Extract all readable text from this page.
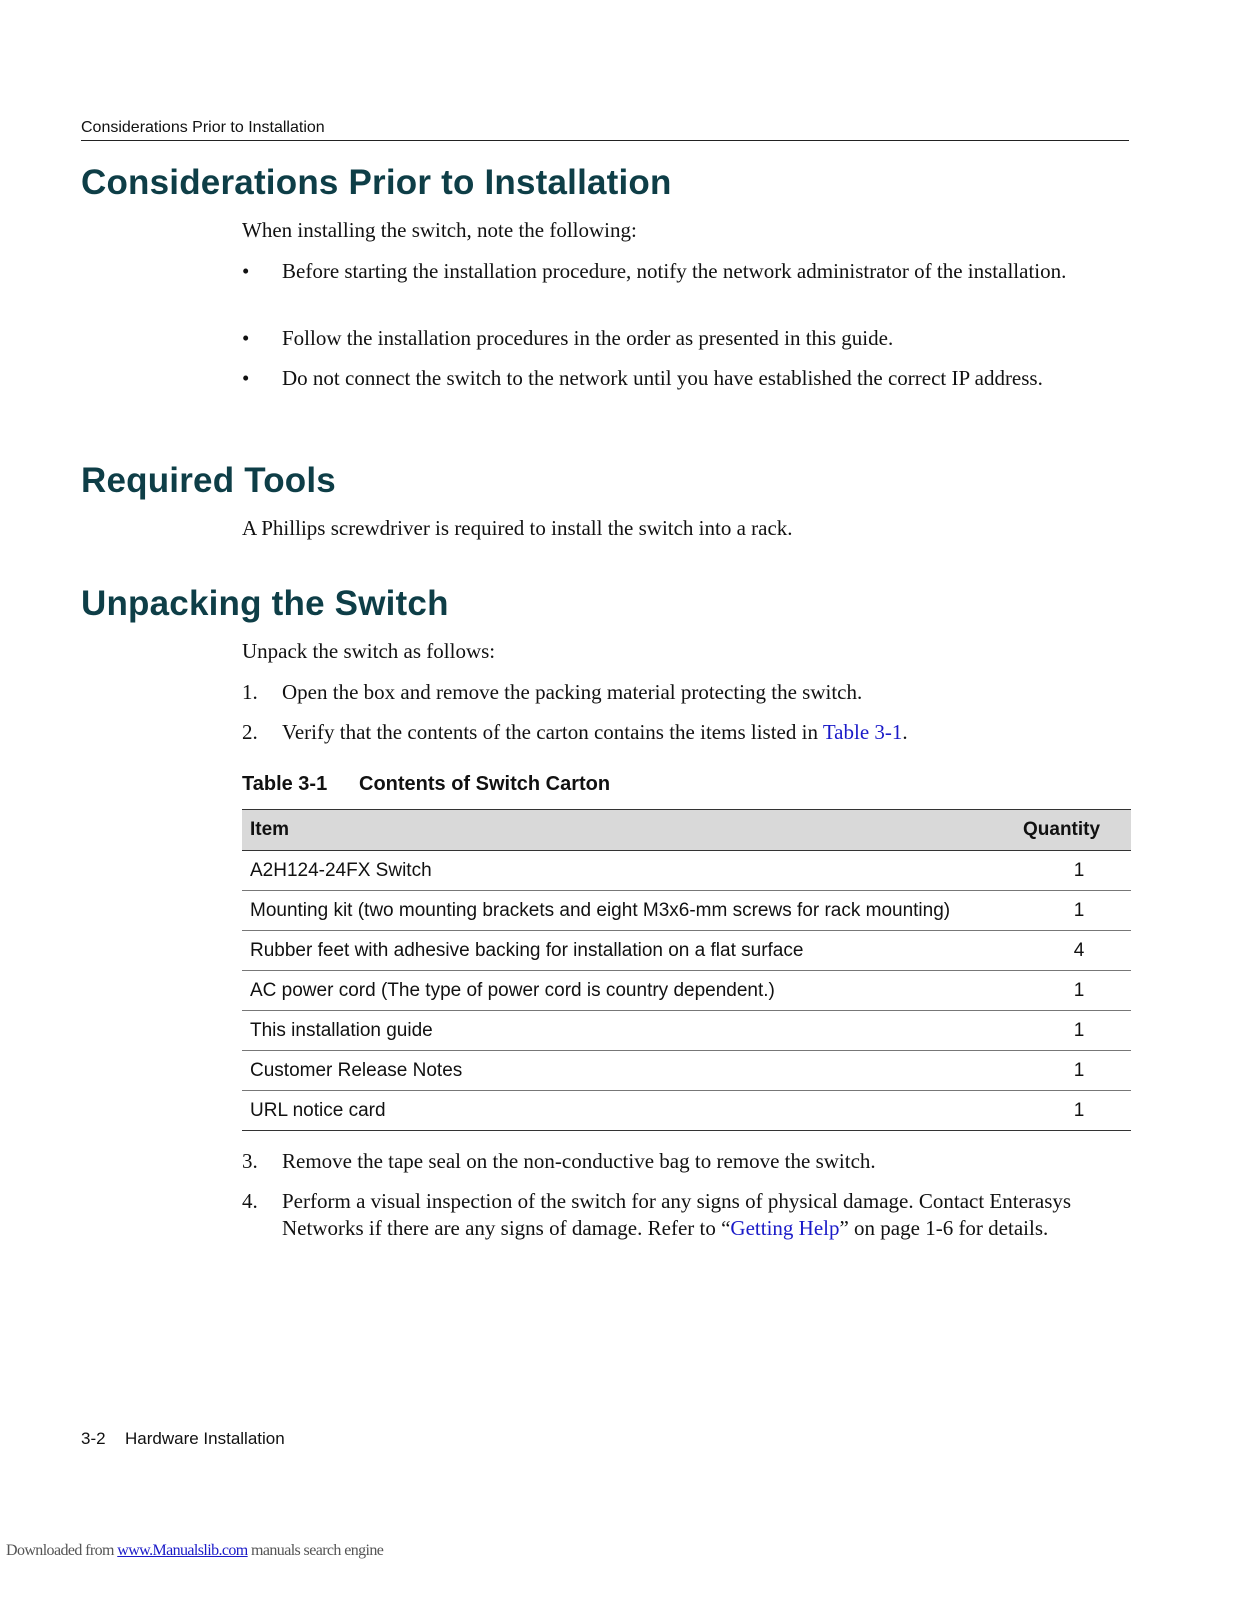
Considerations Prior to Installation
Considerations Prior to Installation
When installing the switch, note the following:
•	Before starting the installation procedure, notify the network administrator of the installation.
•	Follow the installation procedures in the order as presented in this guide.
•	Do not connect the switch to the network until you have established the correct IP address.
Required Tools
A Phillips screwdriver is required to install the switch into a rack.
Unpacking the Switch
Unpack the switch as follows:
1.	Open the box and remove the packing material protecting the switch.
2.	Verify that the contents of the carton contains the items listed in Table 3-1.
Table 3-1 Contents of Switch Carton
Item	Quantity
A2H124-24FX Switch	1
Mounting kit (two mounting brackets and eight M3x6-mm screws for rack mounting)	1
Rubber feet with adhesive backing for installation on a flat surface	4
AC power cord (The type of power cord is country dependent.)	1
This installation guide	1
Customer Release Notes	1
URL notice card	1
3.	Remove the tape seal on the non-conductive bag to remove the switch.
4.	Perform a visual inspection of the switch for any signs of physical damage. Contact Enterasys Networks if there are any signs of damage. Refer to “Getting Help” on page 1-6 for details.
3-2 Hardware Installation
Downloaded from www.Manualslib.com manuals search engine
